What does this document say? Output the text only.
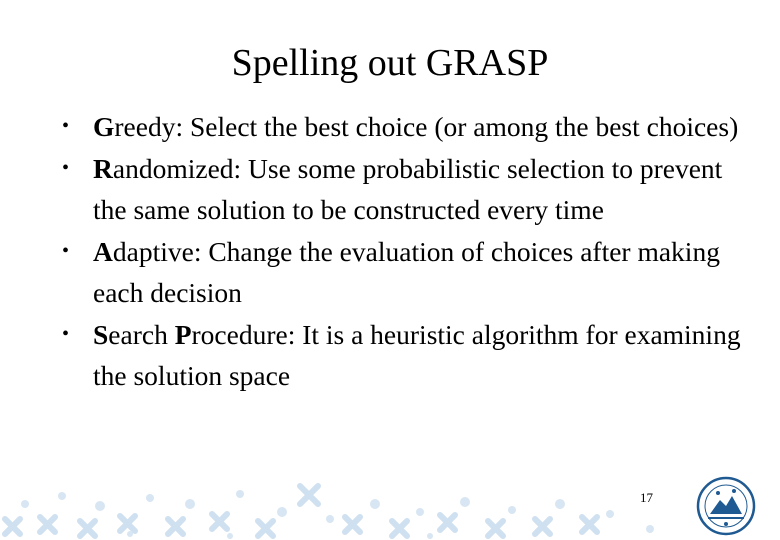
Spelling out GRASP
• Greedy: Select the best choice (or among the best choices)
• Randomized: Use some probabilistic selection to prevent the same solution to be constructed every time
• Adaptive: Change the evaluation of choices after making each decision
• Search Procedure: It is a heuristic algorithm for examining the solution space
17
